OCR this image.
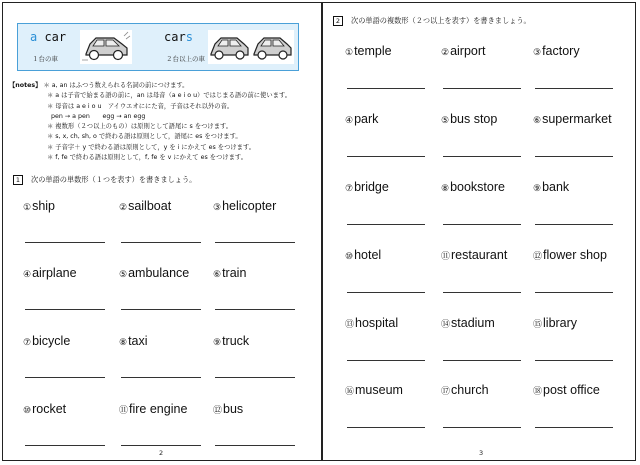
a car
１台の車
cars
２台以上の車
【notes】 ＊ a, an はふつう数えられる名詞の前につけます。
＊ a は子音で始まる語の前に，an は母音（a e i o u）ではじまる語の前に使います。
＊ 母音は a e i o u　アイウエオににた音，子音はそれ以外の音。
pen → a pen　　egg → an egg
＊ 複数形（２つ以上のもの）は原則として語尾に s をつけます。
＊ s, x, ch, sh, o で終わる語は原則として，語尾に es をつけます。
＊ 子音字＋ y で終わる語は原則として，y を i にかえて es をつけます。
＊ f, fe で終わる語は原則として，f, fe を v にかえて es をつけます。
1 次の単語の単数形（１つを表す）を書きましょう。
①ship	②sailboat	③helicopter
④airplane	⑤ambulance	⑥train
⑦bicycle	⑧taxi	⑨truck
⑩rocket	⑪fire engine	⑫bus
2
2 次の単語の複数形（２つ以上を表す）を書きましょう。
①temple	②airport	③factory
④park	⑤bus stop	⑥supermarket
⑦bridge	⑧bookstore	⑨bank
⑩hotel	⑪restaurant	⑫flower shop
⑬hospital	⑭stadium	⑮library
⑯museum	⑰church	⑱post office
3
